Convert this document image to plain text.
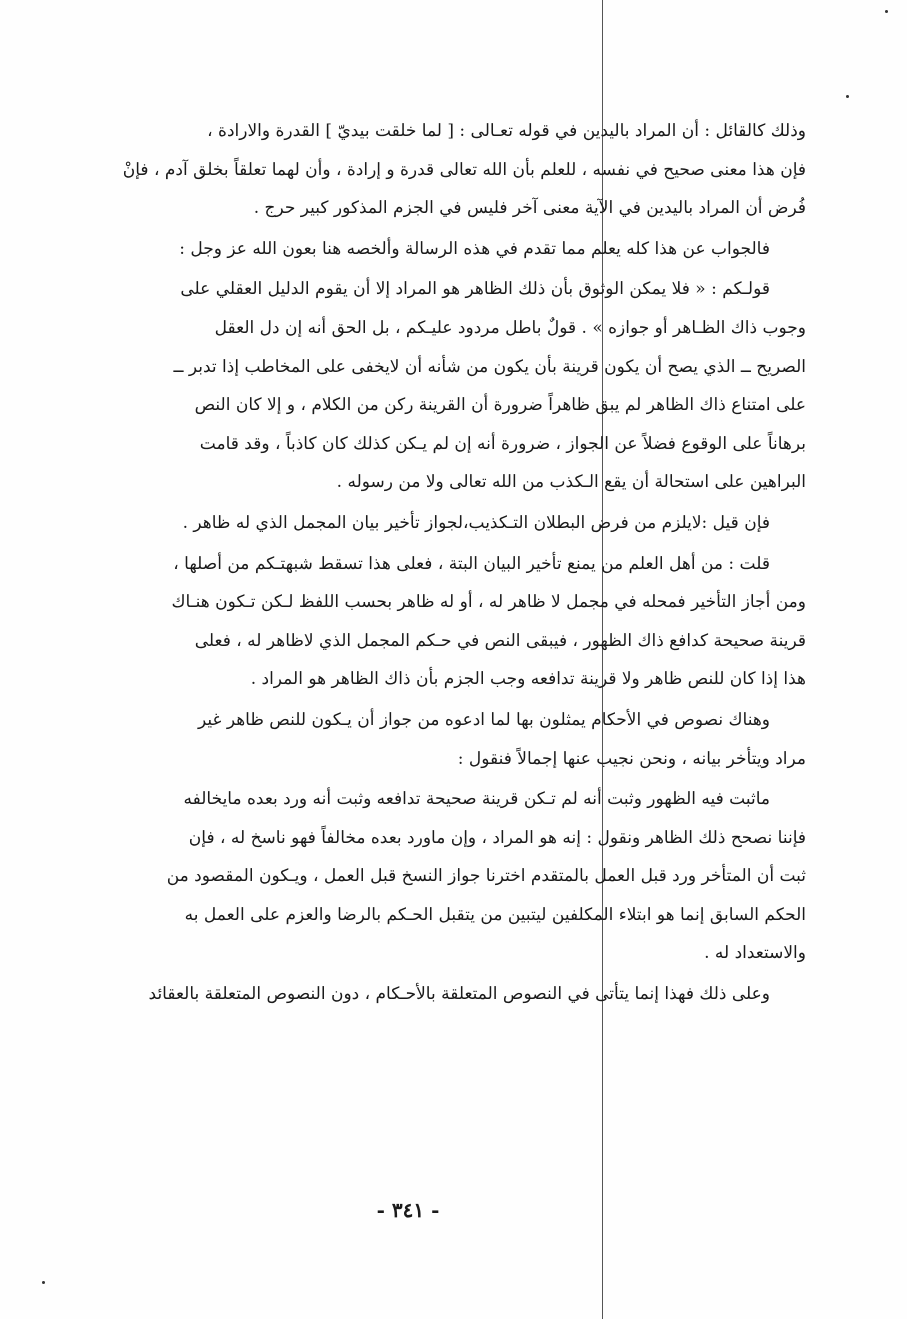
وذلك كالقائل : أن المراد باليدين في قوله تعـالى : [ لما خلقت بيديّ ] القدرة والارادة ،
فإن هذا معنى صحيح في نفسه ، للعلم بأن الله تعالى قدرة و إرادة ، وأن لهما تعلقاً بخلق آدم ، فإنْ
فُرض أن المراد باليدين في الآية معنى آخر فليس في الجزم المذكور كبير حرج .
فالجواب عن هذا كله يعلم مما تقدم في هذه الرسالة وألخصه هنا بعون الله عز وجل :
قولـكم : « فلا يمكن الوثوق بأن ذلك الظاهر هو المراد إلا أن يقوم الدليل العقلي على
وجوب ذاك الظـاهر أو جوازه » . قولٌ باطل مردود عليـكم ، بل الحق أنه إن دل العقل
الصريح ــ الذي يصح أن يكون قرينة بأن يكون من شأنه أن لايخفى على المخاطب إذا تدبر ــ
على امتناع ذاك الظاهر لم يبق ظاهراً ضرورة أن القرينة ركن من الكلام ، و إلا كان النص
برهاناً على الوقوع فضلاً عن الجواز ، ضرورة أنه إن لم يـكن كذلك كان كاذباً ، وقد قامت
البراهين على استحالة أن يقع الـكذب من الله تعالى ولا من رسوله .
فإن قيل :لايلزم من فرض البطلان التـكذيب،لجواز تأخير بيان المجمل الذي له ظاهر .
قلت : من أهل العلم من يمنع تأخير البيان البتة ، فعلى هذا تسقط شبهتـكم من أصلها ،
ومن أجاز التأخير فمحله في مجمل لا ظاهر له ، أو له ظاهر بحسب اللفظ لـكن تـكون هنـاك
قرينة صحيحة كدافع ذاك الظهور ، فيبقى النص في حـكم المجمل الذي لاظاهر له ، فعلى
هذا إذا كان للنص ظاهر ولا قرينة تدافعه وجب الجزم بأن ذاك الظاهر هو المراد .
وهناك نصوص في الأحكام يمثلون بها لما ادعوه من جواز أن يـكون للنص ظاهر غير
مراد ويتأخر بيانه ، ونحن نجيب عنها إجمالاً فنقول :
ماثبت فيه الظهور وثبت أنه لم تـكن قرينة صحيحة تدافعه وثبت أنه ورد بعده مايخالفه
فإننا نصحح ذلك الظاهر ونقول : إنه هو المراد ، وإن ماورد بعده مخالفاً فهو ناسخ له ، فإن
ثبت أن المتأخر ورد قبل العمل بالمتقدم اخترنا جواز النسخ قبل العمل ، ويـكون المقصود من
الحكم السابق إنما هو ابتلاء المكلفين ليتبين من يتقبل الحـكم بالرضا والعزم على العمل به
والاستعداد له .
وعلى ذلك فهذا إنما يتأتى في النصوص المتعلقة بالأحـكام ، دون النصوص المتعلقة بالعقائد
- ٣٤١ -
